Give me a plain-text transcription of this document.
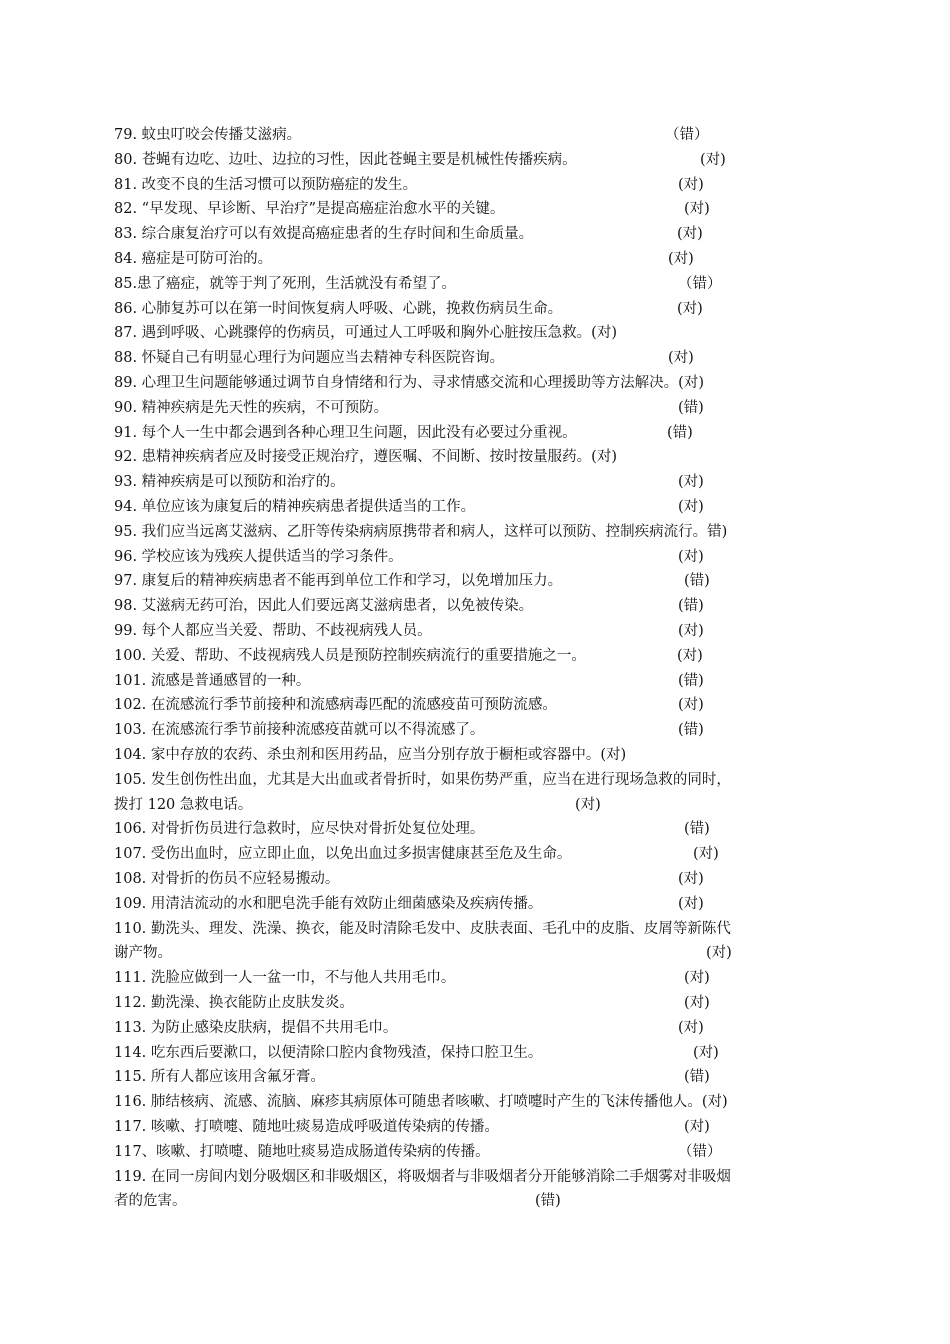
79. 蚊虫叮咬会传播艾滋病。	（错）
80. 苍蝇有边吃、边吐、边拉的习性，因此苍蝇主要是机械性传播疾病。	(对)
81. 改变不良的生活习惯可以预防癌症的发生。	(对)
82. “早发现、早诊断、早治疗”是提高癌症治愈水平的关键。	(对)
83. 综合康复治疗可以有效提高癌症患者的生存时间和生命质量。	(对)
84. 癌症是可防可治的。	(对)
85.患了癌症，就等于判了死刑，生活就没有希望了。	（错）
86. 心肺复苏可以在第一时间恢复病人呼吸、心跳，挽救伤病员生命。	(对)
87. 遇到呼吸、心跳骤停的伤病员，可通过人工呼吸和胸外心脏按压急救。(对)
88. 怀疑自己有明显心理行为问题应当去精神专科医院咨询。	(对)
89. 心理卫生问题能够通过调节自身情绪和行为、寻求情感交流和心理援助等方法解决。(对)
90. 精神疾病是先天性的疾病，不可预防。	(错)
91. 每个人一生中都会遇到各种心理卫生问题，因此没有必要过分重视。	(错)
92. 患精神疾病者应及时接受正规治疗，遵医嘱、不间断、按时按量服药。(对)
93. 精神疾病是可以预防和治疗的。	(对)
94. 单位应该为康复后的精神疾病患者提供适当的工作。	(对)
95. 我们应当远离艾滋病、乙肝等传染病病原携带者和病人，这样可以预防、控制疾病流行。错)
96. 学校应该为残疾人提供适当的学习条件。	(对)
97. 康复后的精神疾病患者不能再到单位工作和学习，以免增加压力。	(错)
98. 艾滋病无药可治，因此人们要远离艾滋病患者，以免被传染。	(错)
99. 每个人都应当关爱、帮助、不歧视病残人员。	(对)
100. 关爱、帮助、不歧视病残人员是预防控制疾病流行的重要措施之一。	(对)
101. 流感是普通感冒的一种。	(错)
102. 在流感流行季节前接种和流感病毒匹配的流感疫苗可预防流感。	(对)
103. 在流感流行季节前接种流感疫苗就可以不得流感了。	(错)
104. 家中存放的农药、杀虫剂和医用药品，应当分别存放于橱柜或容器中。(对)
105. 发生创伤性出血，尤其是大出血或者骨折时，如果伤势严重，应当在进行现场急救的同时，
拨打 120 急救电话。	(对)
106. 对骨折伤员进行急救时，应尽快对骨折处复位处理。	(错)
107. 受伤出血时，应立即止血，以免出血过多损害健康甚至危及生命。	(对)
108. 对骨折的伤员不应轻易搬动。	(对)
109. 用清洁流动的水和肥皂洗手能有效防止细菌感染及疾病传播。	(对)
110. 勤洗头、理发、洗澡、换衣，能及时清除毛发中、皮肤表面、毛孔中的皮脂、皮屑等新陈代
谢产物。	(对)
111. 洗脸应做到一人一盆一巾，不与他人共用毛巾。	(对)
112. 勤洗澡、换衣能防止皮肤发炎。	(对)
113. 为防止感染皮肤病，提倡不共用毛巾。	(对)
114. 吃东西后要漱口，以便清除口腔内食物残渣，保持口腔卫生。	(对)
115. 所有人都应该用含氟牙膏。	(错)
116. 肺结核病、流感、流脑、麻疹其病原体可随患者咳嗽、打喷嚏时产生的飞沫传播他人。(对)
117. 咳嗽、打喷嚏、随地吐痰易造成呼吸道传染病的传播。	(对)
117、咳嗽、打喷嚏、随地吐痰易造成肠道传染病的传播。	（错）
119. 在同一房间内划分吸烟区和非吸烟区，将吸烟者与非吸烟者分开能够消除二手烟雾对非吸烟
者的危害。	(错)
